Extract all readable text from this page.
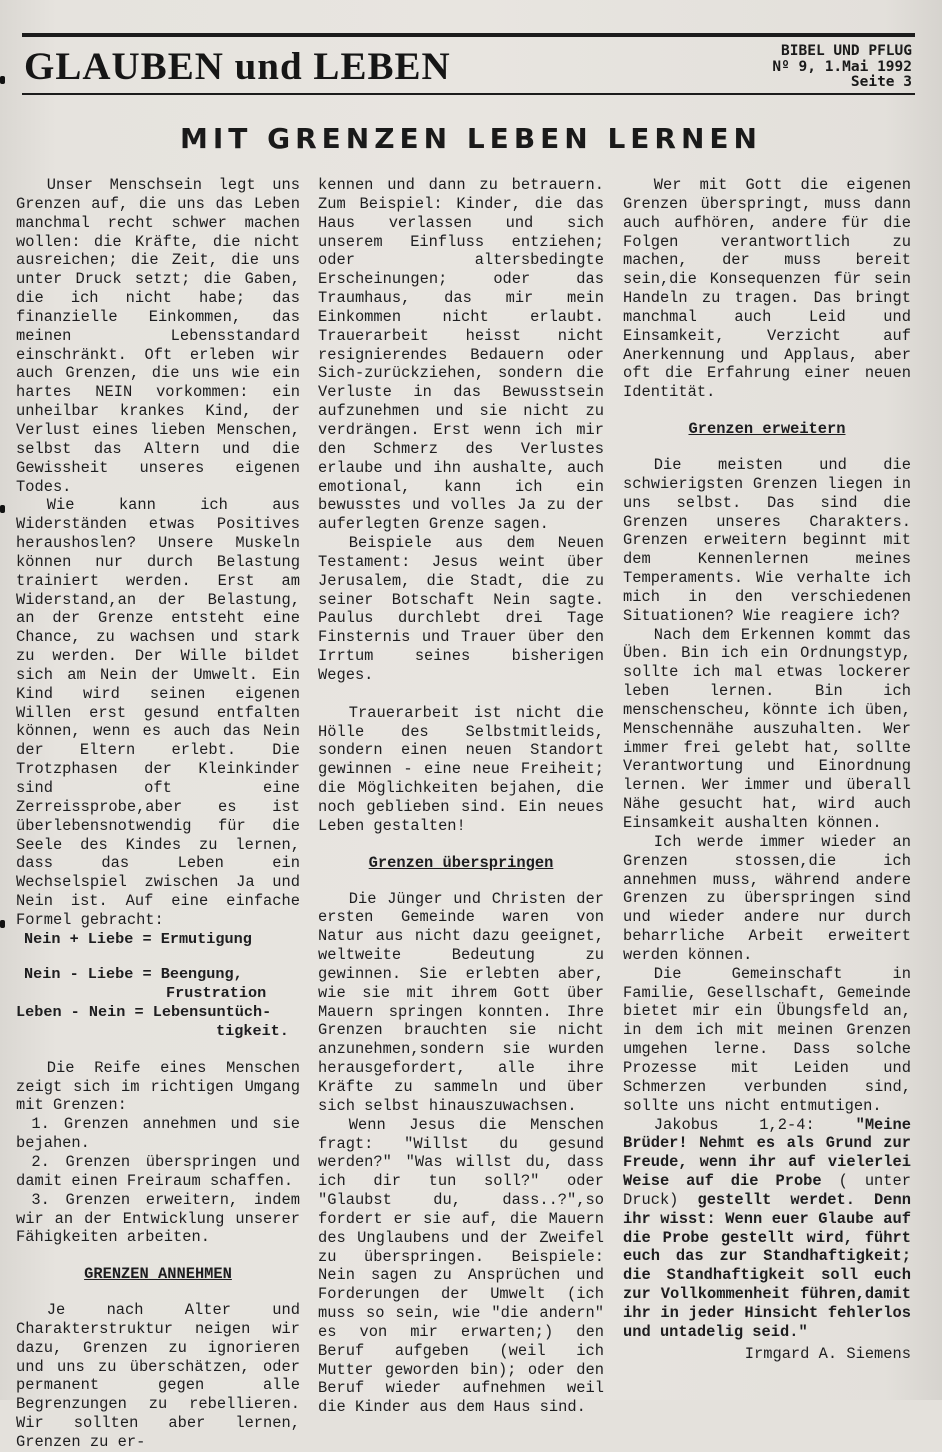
GLAUBEN und LEBEN	BIBEL UND PFLUG
Nº 9, 1.Mai 1992
Seite 3
MIT GRENZEN LEBEN LERNEN

Unser Menschsein legt uns Grenzen auf, die uns das Leben manchmal recht schwer machen wollen: die Kräfte, die nicht ausreichen; die Zeit, die uns unter Druck setzt; die Gaben, die ich nicht habe; das finanzielle Einkommen, das meinen Lebensstandard einschränkt. Oft erleben wir auch Grenzen, die uns wie ein hartes NEIN vorkommen: ein unheilbar krankes Kind, der Verlust eines lieben Menschen, selbst das Altern und die Gewissheit unseres eigenen Todes.

Wie kann ich aus Widerständen etwas Positives heraushoslen? Unsere Muskeln können nur durch Belastung trainiert werden. Erst am Widerstand,an der Belastung, an der Grenze entsteht eine Chance, zu wachsen und stark zu werden. Der Wille bildet sich am Nein der Umwelt. Ein Kind wird seinen eigenen Willen erst gesund entfalten können, wenn es auch das Nein der Eltern erlebt. Die Trotzphasen der Kleinkinder sind oft eine Zerreissprobe,aber es ist überlebensnotwendig für die Seele des Kindes zu lernen, dass das Leben ein Wechselspiel zwischen Ja und Nein ist. Auf eine einfache Formel gebracht:

Nein + Liebe = Ermutigung
Nein - Liebe = Beengung,
Frustration
Leben - Nein = Lebensuntüch-
tigkeit.

Die Reife eines Menschen zeigt sich im richtigen Umgang mit Grenzen:

1. Grenzen annehmen und sie bejahen.
2. Grenzen überspringen und damit einen Freiraum schaffen.
3. Grenzen erweitern, indem wir an der Entwicklung unserer Fähigkeiten arbeiten.
GRENZEN ANNEHMEN

Je nach Alter und Charakterstruktur neigen wir dazu, Grenzen zu ignorieren und uns zu überschätzen, oder permanent gegen alle Begrenzungen zu rebellieren. Wir sollten aber lernen, Grenzen zu er-

kennen und dann zu betrauern. Zum Beispiel: Kinder, die das Haus verlassen und sich unserem Einfluss entziehen; oder altersbedingte Erscheinungen; oder das Traumhaus, das mir mein Einkommen nicht erlaubt. Trauerarbeit heisst nicht resignierendes Bedauern oder Sich-zurückziehen, sondern die Verluste in das Bewusstsein aufzunehmen und sie nicht zu verdrängen. Erst wenn ich mir den Schmerz des Verlustes erlaube und ihn aushalte, auch emotional, kann ich ein bewusstes und volles Ja zu der auferlegten Grenze sagen.

Beispiele aus dem Neuen Testament: Jesus weint über Jerusalem, die Stadt, die zu seiner Botschaft Nein sagte. Paulus durchlebt drei Tage Finsternis und Trauer über den Irrtum seines bisherigen Weges.

Trauerarbeit ist nicht die Hölle des Selbstmitleids, sondern einen neuen Standort gewinnen - eine neue Freiheit; die Möglichkeiten bejahen, die noch geblieben sind. Ein neues Leben gestalten!

Grenzen überspringen

Die Jünger und Christen der ersten Gemeinde waren von Natur aus nicht dazu geeignet, weltweite Bedeutung zu gewinnen. Sie erlebten aber, wie sie mit ihrem Gott über Mauern springen konnten. Ihre Grenzen brauchten sie nicht anzunehmen,sondern sie wurden herausgefordert, alle ihre Kräfte zu sammeln und über sich selbst hinauszuwachsen.

Wenn Jesus die Menschen fragt: "Willst du gesund werden?" "Was willst du, dass ich dir tun soll?" oder "Glaubst du, dass..?",so fordert er sie auf, die Mauern des Unglaubens und der Zweifel zu überspringen. Beispiele: Nein sagen zu Ansprüchen und Forderungen der Umwelt (ich muss so sein, wie "die andern" es von mir erwarten;) den Beruf aufgeben (weil ich Mutter geworden bin); oder den Beruf wieder aufnehmen weil die Kinder aus dem Haus sind.

Wer mit Gott die eigenen Grenzen überspringt, muss dann auch aufhören, andere für die Folgen verantwortlich zu machen, der muss bereit sein,die Konsequenzen für sein Handeln zu tragen. Das bringt manchmal auch Leid und Einsamkeit, Verzicht auf Anerkennung und Applaus, aber oft die Erfahrung einer neuen Identität.

Grenzen erweitern

Die meisten und die schwierigsten Grenzen liegen in uns selbst. Das sind die Grenzen unseres Charakters. Grenzen erweitern beginnt mit dem Kennenlernen meines Temperaments. Wie verhalte ich mich in den verschiedenen Situationen? Wie reagiere ich?

Nach dem Erkennen kommt das Üben. Bin ich ein Ordnungstyp, sollte ich mal etwas lockerer leben lernen. Bin ich menschenscheu, könnte ich üben, Menschennähe auszuhalten. Wer immer frei gelebt hat, sollte Verantwortung und Einordnung lernen. Wer immer und überall Nähe gesucht hat, wird auch Einsamkeit aushalten können.

Ich werde immer wieder an Grenzen stossen,die ich annehmen muss, während andere Grenzen zu überspringen sind und wieder andere nur durch beharrliche Arbeit erweitert werden können.

Die Gemeinschaft in Familie, Gesellschaft, Gemeinde bietet mir ein Übungsfeld an, in dem ich mit meinen Grenzen umgehen lerne. Dass solche Prozesse mit Leiden und Schmerzen verbunden sind, sollte uns nicht entmutigen.

Jakobus 1,2-4:	"Meine Brüder! Nehmt es als Grund zur Freude, wenn ihr auf vielerlei Weise auf die Probe ( unter Druck) gestellt werdet. Denn ihr wisst: Wenn euer Glaube auf die Probe gestellt wird, führt euch das zur Standhaftigkeit; die Standhaftigkeit soll euch zur Vollkommenheit führen,damit ihr in jeder Hinsicht fehlerlos und untadelig seid."

Irmgard A. Siemens
